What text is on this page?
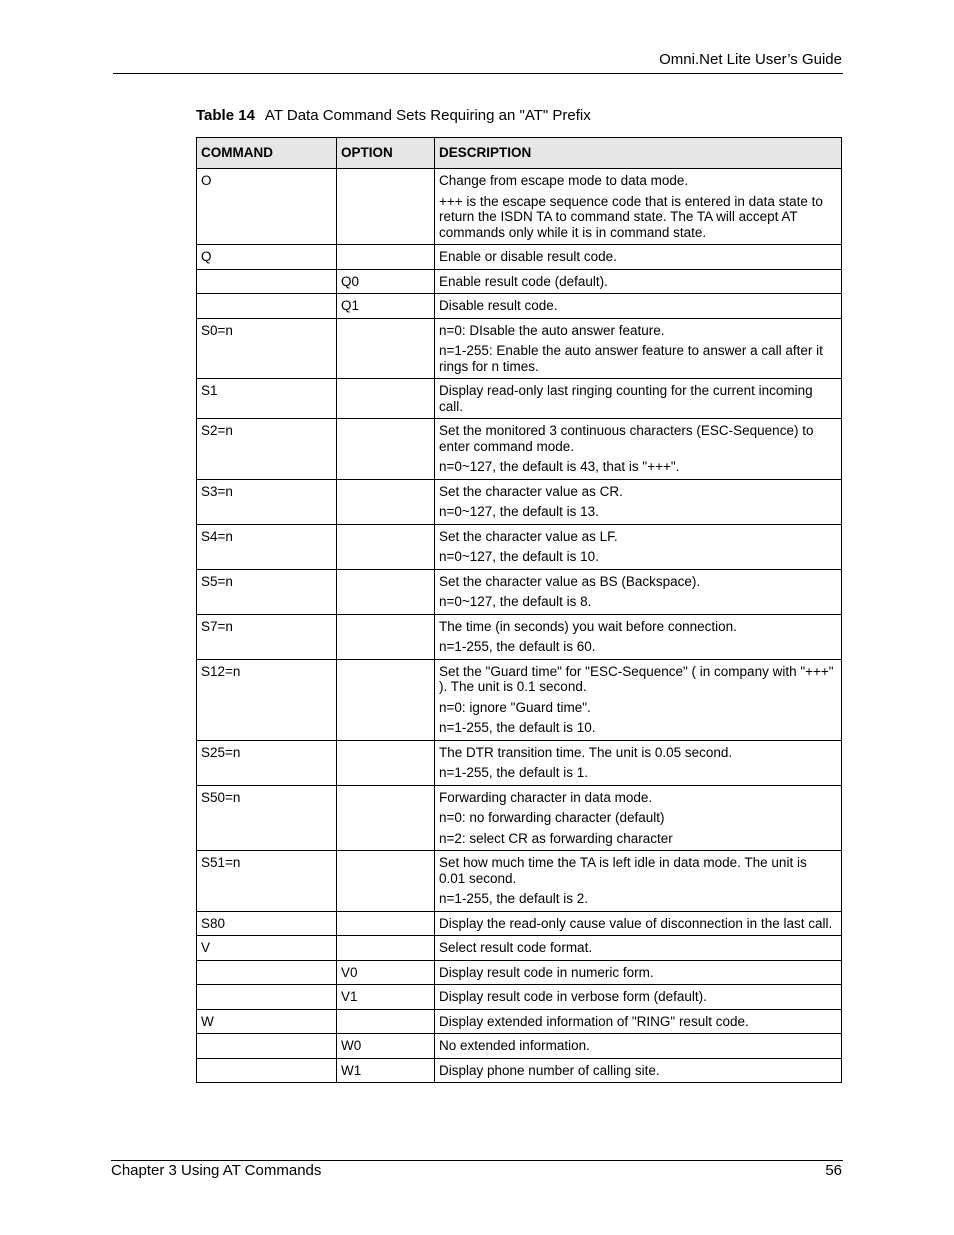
Omni.Net Lite User’s Guide
Table 14 AT Data Command Sets Requiring an "AT" Prefix
COMMAND	OPTION	DESCRIPTION
O		Change from escape mode to data mode.

+++ is the escape sequence code that is entered in data state to return the ISDN TA to command state. The TA will accept AT commands only while it is in command state.

Q		Enable or disable result code.

	Q0	Enable result code (default).

	Q1	Disable result code.

S0=n		n=0: DIsable the auto answer feature.

n=1-255: Enable the auto answer feature to answer a call after it rings for n times.

S1		Display read-only last ringing counting for the current incoming call.

S2=n		Set the monitored 3 continuous characters (ESC-Sequence) to enter command mode.

n=0~127, the default is 43, that is "+++".

S3=n		Set the character value as CR.

n=0~127, the default is 13.

S4=n		Set the character value as LF.

n=0~127, the default is 10.

S5=n		Set the character value as BS (Backspace).

n=0~127, the default is 8.

S7=n		The time (in seconds) you wait before connection.

n=1-255, the default is 60.

S12=n		Set the "Guard time" for "ESC-Sequence" ( in company with "+++" ). The unit is 0.1 second.

n=0: ignore "Guard time".

n=1-255, the default is 10.

S25=n		The DTR transition time. The unit is 0.05 second.

n=1-255, the default is 1.

S50=n		Forwarding character in data mode.

n=0: no forwarding character (default)

n=2: select CR as forwarding character

S51=n		Set how much time the TA is left idle in data mode. The unit is 0.01 second.

n=1-255, the default is 2.

S80		Display the read-only cause value of disconnection in the last call.

V		Select result code format.

	V0	Display result code in numeric form.

	V1	Display result code in verbose form (default).

W		Display extended information of "RING" result code.

	W0	No extended information.

	W1	Display phone number of calling site.

Chapter 3 Using AT Commands	56
